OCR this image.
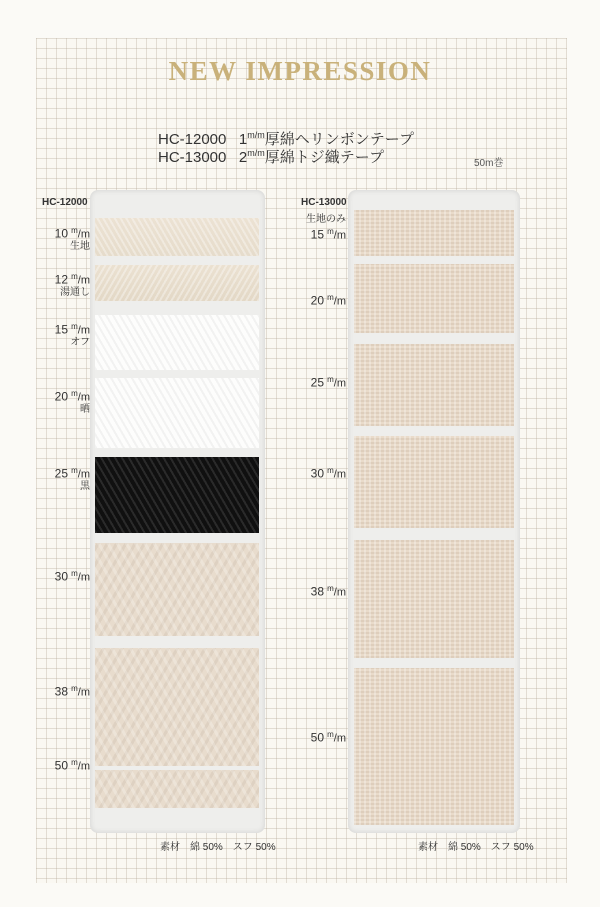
NEW IMPRESSION
HC-12000 $1^{m/m}$厚綿ヘリンボンテープ
HC-13000 $2^{m/m}$厚綿トジ織テープ	50m巻
HC-12000
10 $^m$/m
生地
12 $^m$/m
湯通し
15 $^m$/m
オフ
20 $^m$/m
晒
25 $^m$/m
黒
30 $^m$/m
38 $^m$/m
50 $^m$/m
素材　綿 50%　スフ 50%
HC-13000
生地のみ
15 $^m$/m
20 $^m$/m
25 $^m$/m
30 $^m$/m
38 $^m$/m
50 $^m$/m
素材　綿 50%　スフ 50%
